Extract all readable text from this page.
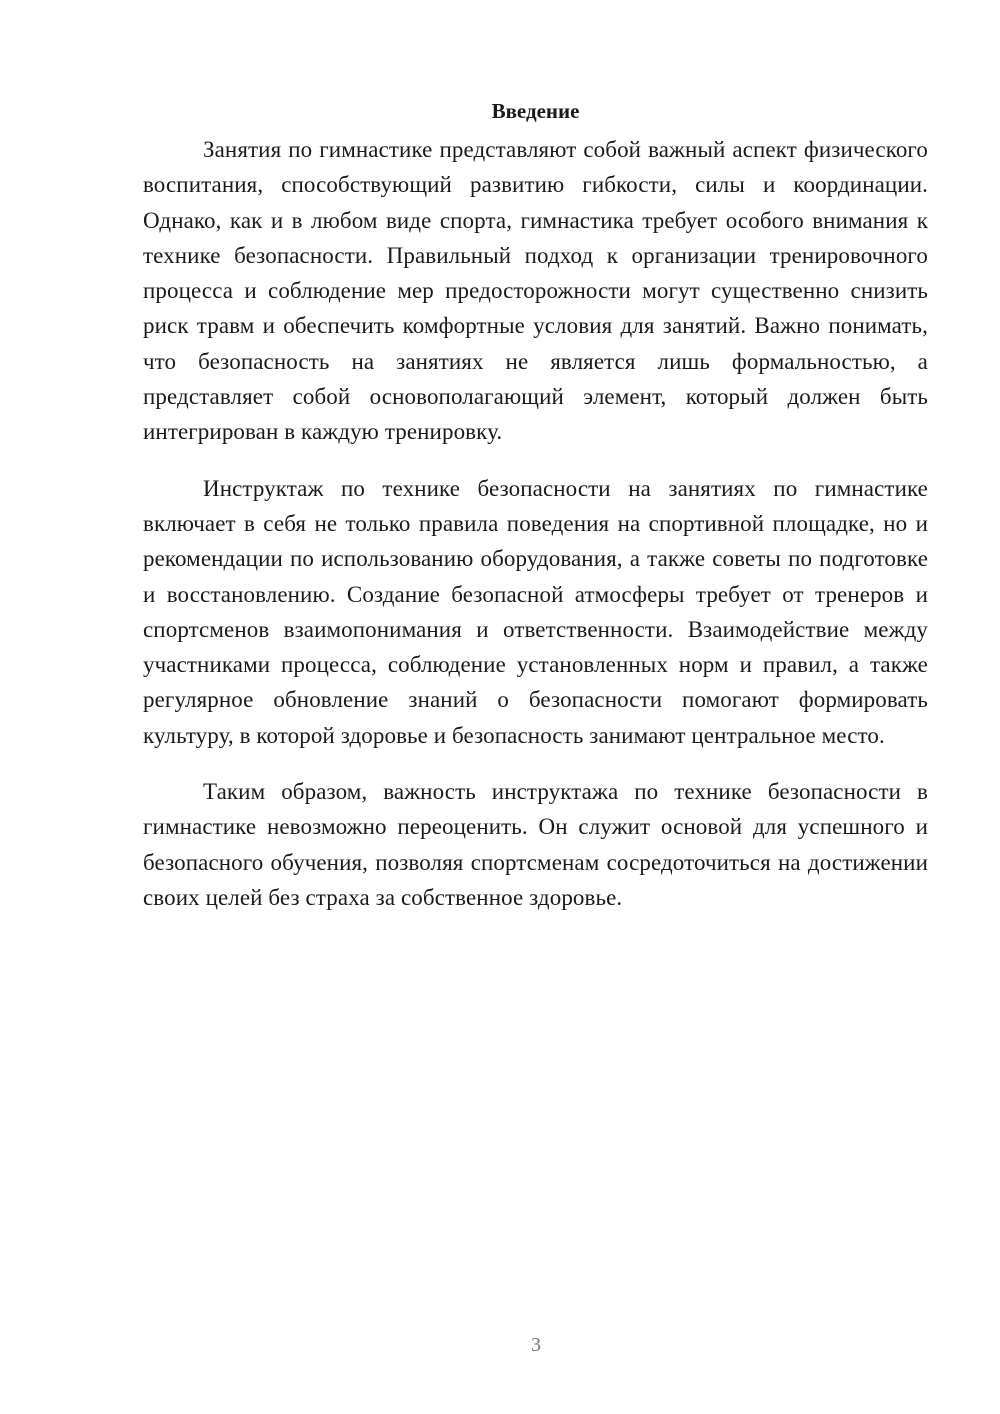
Введение

Занятия по гимнастике представляют собой важный аспект физического воспитания, способствующий развитию гибкости, силы и координации. Однако, как и в любом виде спорта, гимнастика требует особого внимания к технике безопасности. Правильный подход к организации тренировочного процесса и соблюдение мер предосторожности могут существенно снизить риск травм и обеспечить комфортные условия для занятий. Важно понимать, что безопасность на занятиях не является лишь формальностью, а представляет собой основополагающий элемент, который должен быть интегрирован в каждую тренировку.

Инструктаж по технике безопасности на занятиях по гимнастике включает в себя не только правила поведения на спортивной площадке, но и рекомендации по использованию оборудования, а также советы по подготовке и восстановлению. Создание безопасной атмосферы требует от тренеров и спортсменов взаимопонимания и ответственности. Взаимодействие между участниками процесса, соблюдение установленных норм и правил, а также регулярное обновление знаний о безопасности помогают формировать культуру, в которой здоровье и безопасность занимают центральное место.

Таким образом, важность инструктажа по технике безопасности в гимнастике невозможно переоценить. Он служит основой для успешного и безопасного обучения, позволяя спортсменам сосредоточиться на достижении своих целей без страха за собственное здоровье.

3
